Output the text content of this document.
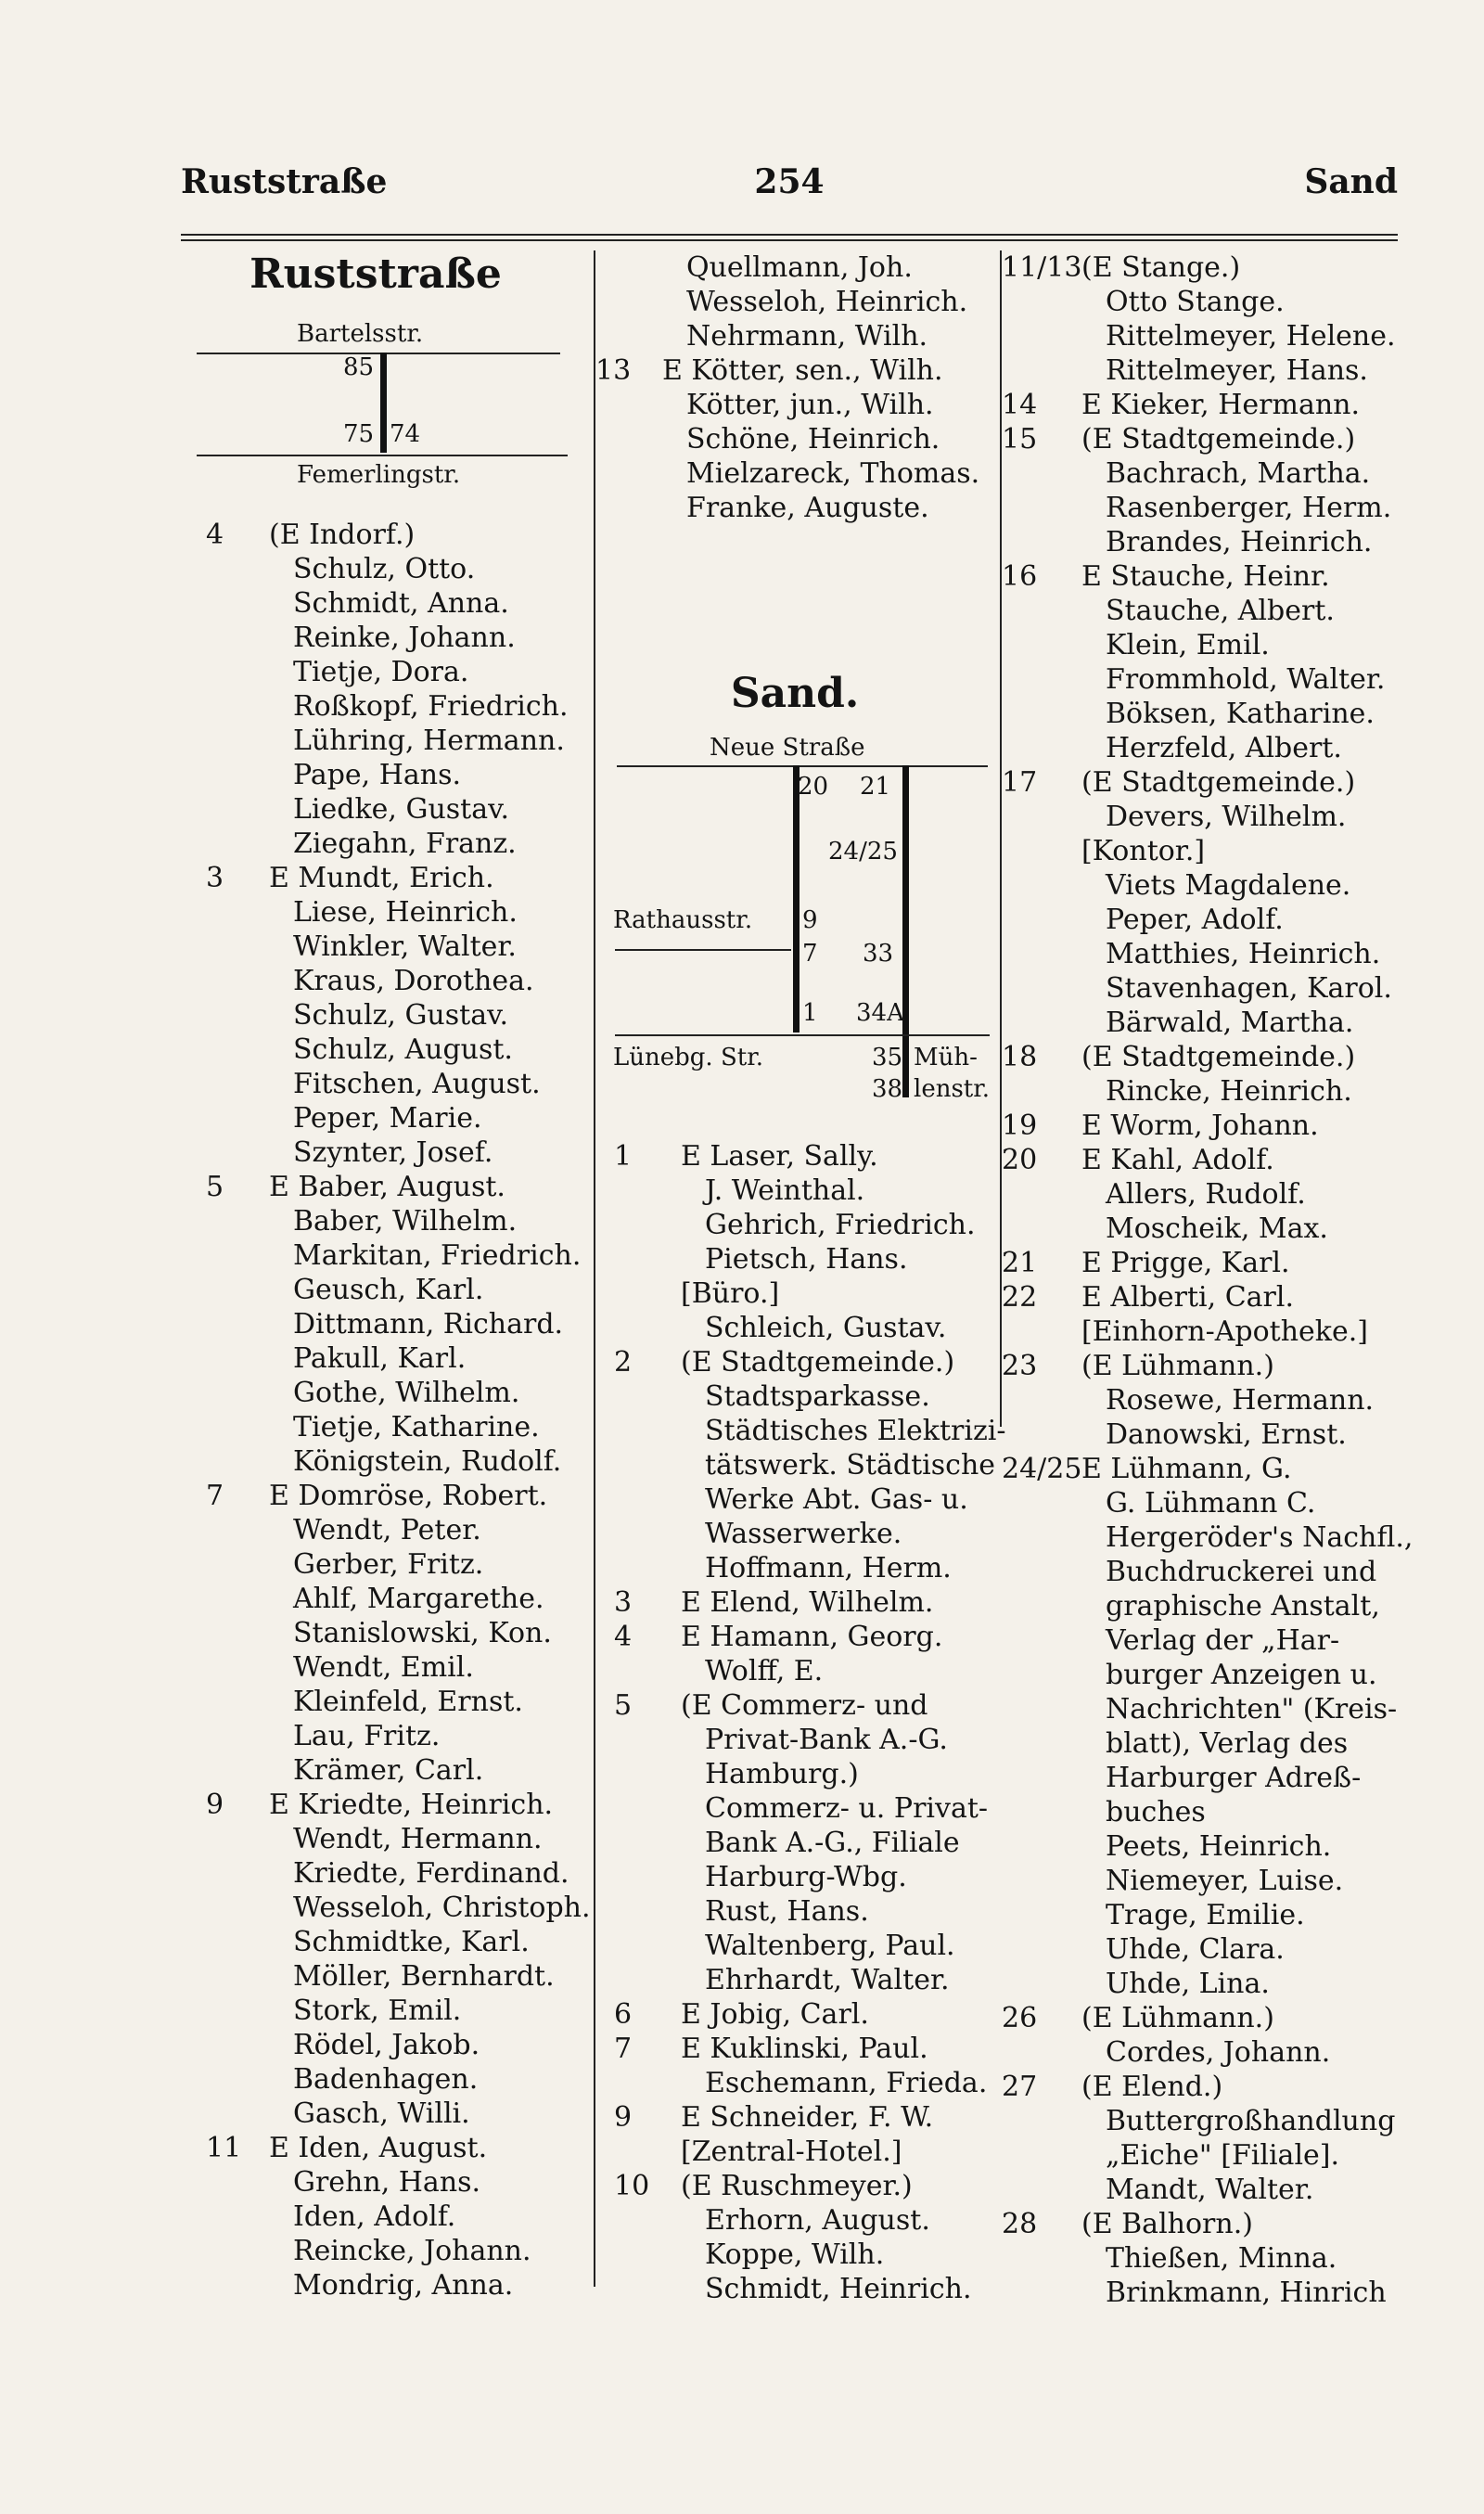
Ruststraße	254	Sand
Ruststraße
Bartelsstr.
85
75 74
Femerlingstr.
4 (E Indorf.)
Schulz, Otto.
Schmidt, Anna.
Reinke, Johann.
Tietje, Dora.
Roßkopf, Friedrich.
Lühring, Hermann.
Pape, Hans.
Liedke, Gustav.
Ziegahn, Franz.
3 E Mundt, Erich.
Liese, Heinrich.
Winkler, Walter.
Kraus, Dorothea.
Schulz, Gustav.
Schulz, August.
Fitschen, August.
Peper, Marie.
Szynter, Josef.
5 E Baber, August.
Baber, Wilhelm.
Markitan, Friedrich.
Geusch, Karl.
Dittmann, Richard.
Pakull, Karl.
Gothe, Wilhelm.
Tietje, Katharine.
Königstein, Rudolf.
7 E Domröse, Robert.
Wendt, Peter.
Gerber, Fritz.
Ahlf, Margarethe.
Stanislowski, Kon.
Wendt, Emil.
Kleinfeld, Ernst.
Lau, Fritz.
Krämer, Carl.
9 E Kriedte, Heinrich.
Wendt, Hermann.
Kriedte, Ferdinand.
Wesseloh, Christoph.
Schmidtke, Karl.
Möller, Bernhardt.
Stork, Emil.
Rödel, Jakob.
Badenhagen.
Gasch, Willi.
11 E Iden, August.
Grehn, Hans.
Iden, Adolf.
Reincke, Johann.
Mondrig, Anna.
Quellmann, Joh.
Wesseloh, Heinrich.
Nehrmann, Wilh.
13 E Kötter, sen., Wilh.
Kötter, jun., Wilh.
Schöne, Heinrich.
Mielzareck, Thomas.
Franke, Auguste.
Sand.
Neue Straße
20 21
24/25
Rathausstr. 9
7 33
1 34A
Lünebg. Str.	35
38
Müh-
lenstr.
1 E Laser, Sally.
J. Weinthal.
Gehrich, Friedrich.
Pietsch, Hans.
[Büro.]
Schleich, Gustav.
2 (E Stadtgemeinde.)
Stadtsparkasse.
Städtisches Elektrizi-
tätswerk. Städtische
Werke Abt. Gas- u.
Wasserwerke.
Hoffmann, Herm.
3 E Elend, Wilhelm.
4 E Hamann, Georg.
Wolff, E.
5 (E Commerz- und
Privat-Bank A.-G.
Hamburg.)
Commerz- u. Privat-
Bank A.-G., Filiale
Harburg-Wbg.
Rust, Hans.
Waltenberg, Paul.
Ehrhardt, Walter.
6 E Jobig, Carl.
7 E Kuklinski, Paul.
Eschemann, Frieda.
9 E Schneider, F. W.
[Zentral-Hotel.]
10 (E Ruschmeyer.)
Erhorn, August.
Koppe, Wilh.
Schmidt, Heinrich.
11/13 (E Stange.)
Otto Stange.
Rittelmeyer, Helene.
Rittelmeyer, Hans.
14 E Kieker, Hermann.
15 (E Stadtgemeinde.)
Bachrach, Martha.
Rasenberger, Herm.
Brandes, Heinrich.
16 E Stauche, Heinr.
Stauche, Albert.
Klein, Emil.
Frommhold, Walter.
Böksen, Katharine.
Herzfeld, Albert.
17 (E Stadtgemeinde.)
Devers, Wilhelm.
[Kontor.]
Viets Magdalene.
Peper, Adolf.
Matthies, Heinrich.
Stavenhagen, Karol.
Bärwald, Martha.
18 (E Stadtgemeinde.)
Rincke, Heinrich.
19 E Worm, Johann.
20 E Kahl, Adolf.
Allers, Rudolf.
Moscheik, Max.
21 E Prigge, Karl.
22 E Alberti, Carl.
[Einhorn-Apotheke.]
23 (E Lühmann.)
Rosewe, Hermann.
Danowski, Ernst.
24/25 E Lühmann, G.
G. Lühmann C.
Hergeröder's Nachfl.,
Buchdruckerei und
graphische Anstalt,
Verlag der „Har-
burger Anzeigen u.
Nachrichten" (Kreis-
blatt), Verlag des
Harburger Adreß-
buches
Peets, Heinrich.
Niemeyer, Luise.
Trage, Emilie.
Uhde, Clara.
Uhde, Lina.
26 (E Lühmann.)
Cordes, Johann.
27 (E Elend.)
Buttergroßhandlung
„Eiche" [Filiale].
Mandt, Walter.
28 (E Balhorn.)
Thießen, Minna.
Brinkmann, Hinrich
